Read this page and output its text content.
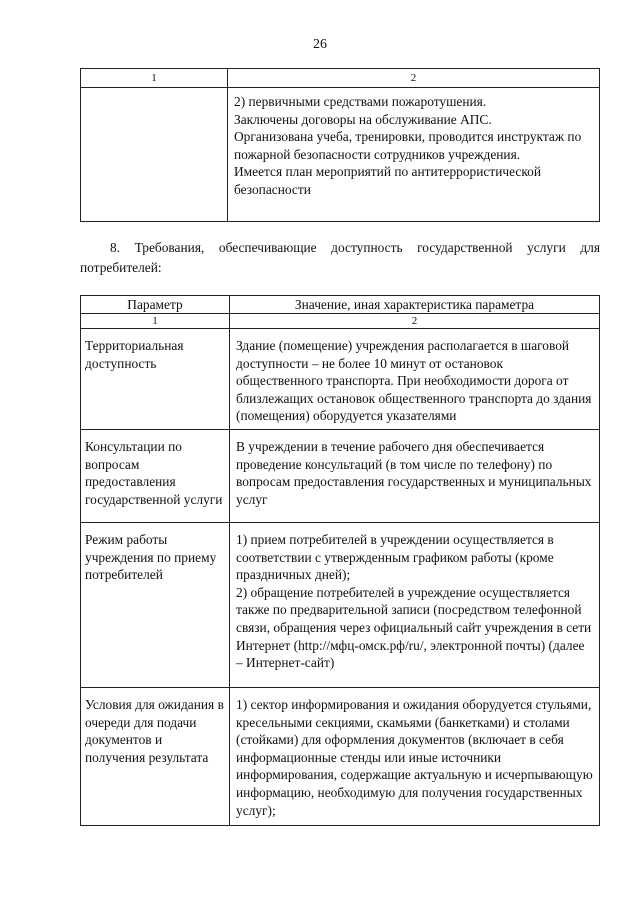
26
1	2

	2) первичными средствами пожаротушения.
Заключены договоры на обслуживание АПС.
Организована учеба, тренировки, проводится инструктаж по пожарной безопасности сотрудников учреждения.
Имеется план мероприятий по антитеррористической безопасности
8. Требования, обеспечивающие доступность государственной услуги для потребителей:
Параметр	Значение, иная характеристика параметра
1	2
Территориальная доступность	Здание (помещение) учреждения располагается в шаговой доступности – не более 10 минут от остановок общественного транспорта. При необходимости дорога от близлежащих остановок общественного транспорта до здания (помещения) оборудуется указателями

Консультации по вопросам предоставления государственной услуги	В учреждении в течение рабочего дня обеспечивается проведение консультаций (в том числе по телефону) по вопросам предоставления государственных и муниципальных услуг

Режим работы учреждения по приему потребителей	1) прием потребителей в учреждении осуществляется в соответствии с утвержденным графиком работы (кроме праздничных дней);
2) обращение потребителей в учреждение осуществляется также по предварительной записи (посредством телефонной связи, обращения через официальный сайт учреждения в сети Интернет (http://мфц-омск.рф/ru/, электронной почты) (далее – Интернет-сайт)

Условия для ожидания в очереди для подачи документов и получения результата	1) сектор информирования и ожидания оборудуется стульями, кресельными секциями, скамьями (банкетками) и столами (стойками) для оформления документов (включает в себя информационные стенды или иные источники информирования, содержащие актуальную и исчерпывающую информацию, необходимую для получения государственных услуг);
